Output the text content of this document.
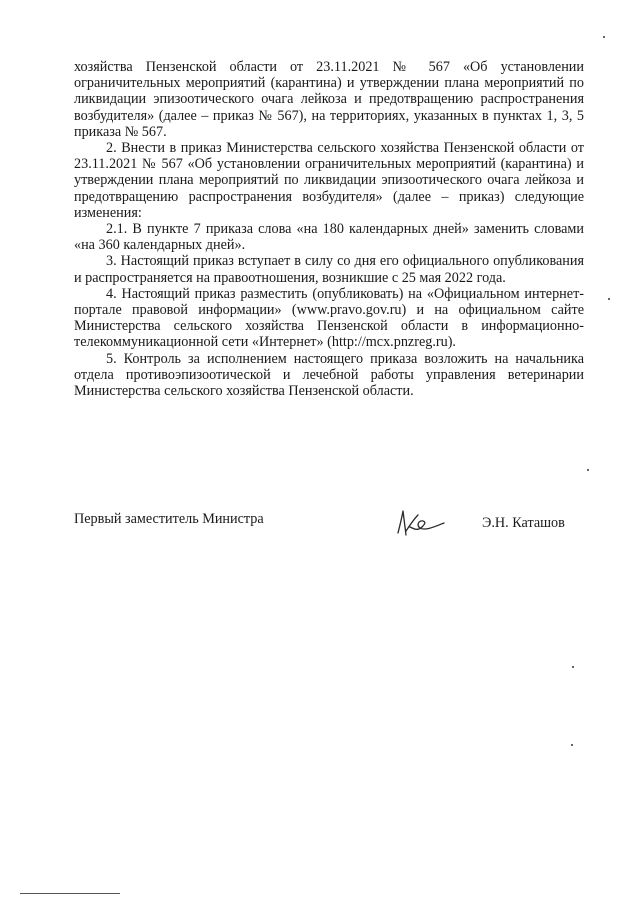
хозяйства Пензенской области от 23.11.2021 № 567 «Об установлении ограничительных мероприятий (карантина) и утверждении плана мероприятий по ликвидации эпизоотического очага лейкоза и предотвращению распространения возбудителя» (далее – приказ № 567), на территориях, указанных в пунктах 1, 3, 5 приказа № 567.

2. Внести в приказ Министерства сельского хозяйства Пензенской области от 23.11.2021 № 567 «Об установлении ограничительных мероприятий (карантина) и утверждении плана мероприятий по ликвидации эпизоотического очага лейкоза и предотвращению распространения возбудителя» (далее – приказ) следующие изменения:

2.1. В пункте 7 приказа слова «на 180 календарных дней» заменить словами «на 360 календарных дней».

3. Настоящий приказ вступает в силу со дня его официального опубликования и распространяется на правоотношения, возникшие с 25 мая 2022 года.

4. Настоящий приказ разместить (опубликовать) на «Официальном интернет-портале правовой информации» (www.pravo.gov.ru) и на официальном сайте Министерства сельского хозяйства Пензенской области в информационно-телекоммуникационной сети «Интернет» (http://mcx.pnzreg.ru).

5. Контроль за исполнением настоящего приказа возложить на начальника отдела противоэпизоотической и лечебной работы управления ветеринарии Министерства сельского хозяйства Пензенской области.

Первый заместитель Министра	Э.Н. Каташов
